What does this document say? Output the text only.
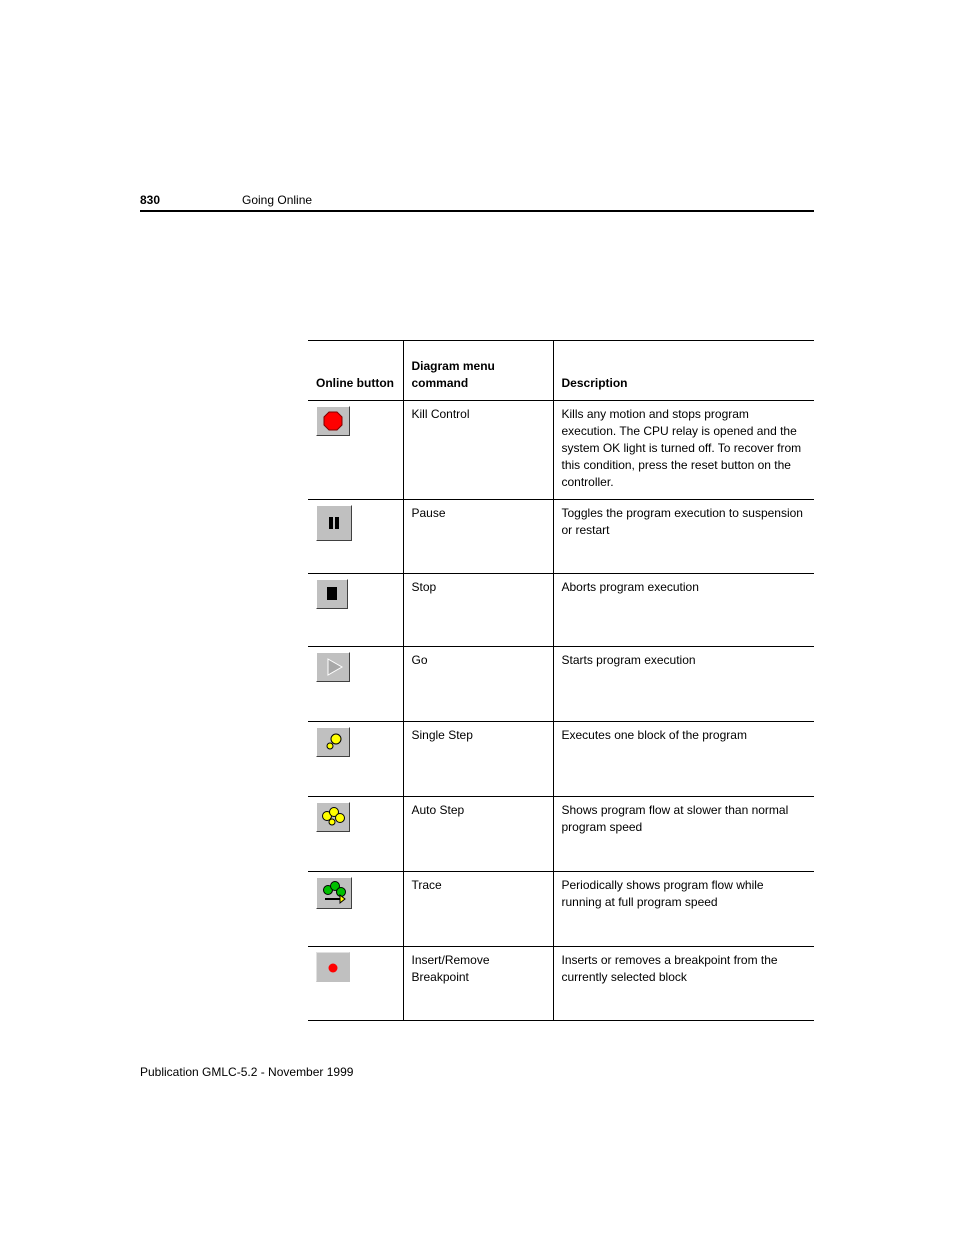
830	Going Online
Online button	Diagram menu command	Description

	Kill Control	Kills any motion and stops program execution. The CPU relay is opened and the system OK light is turned off. To recover from this condition, press the reset button on the controller.

	Pause	Toggles the program execution to suspension or restart

	Stop	Aborts program execution

	Go	Starts program execution

	Single Step	Executes one block of the program

	Auto Step	Shows program flow at slower than normal program speed

	Trace	Periodically shows program flow while running at full program speed

	Insert/Remove Breakpoint	Inserts or removes a breakpoint from the currently selected block
Publication GMLC-5.2 - November 1999
